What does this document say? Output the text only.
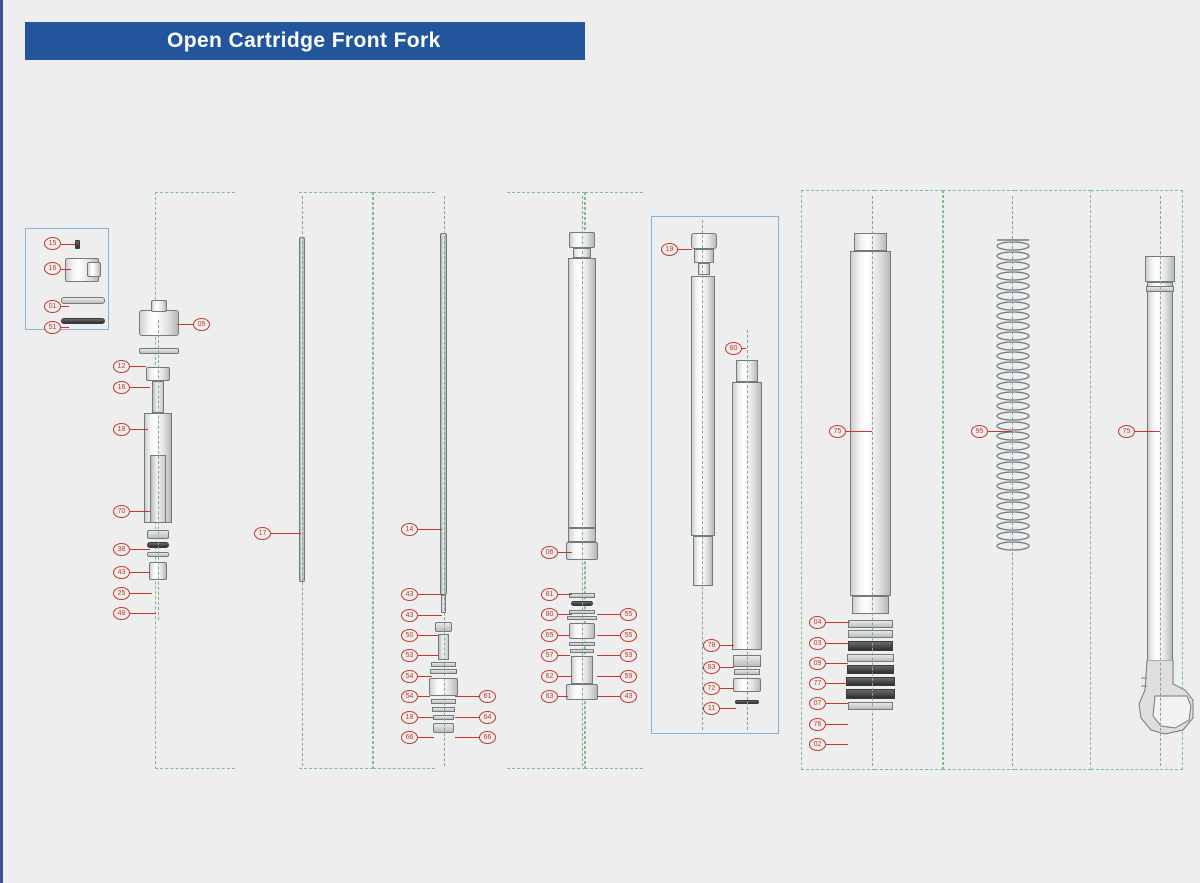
Open Cartridge Front Fork
15
16
01
51	05
12
16
18
70
38
43
25
48
17
14
43
43
50
53
54
54
18
66
61
64
66
06
81
80
65
57
62
63
55
55
53
59
43
19
60
78
83
72
11
75
04
03
09
77
07
76
02
95	75
